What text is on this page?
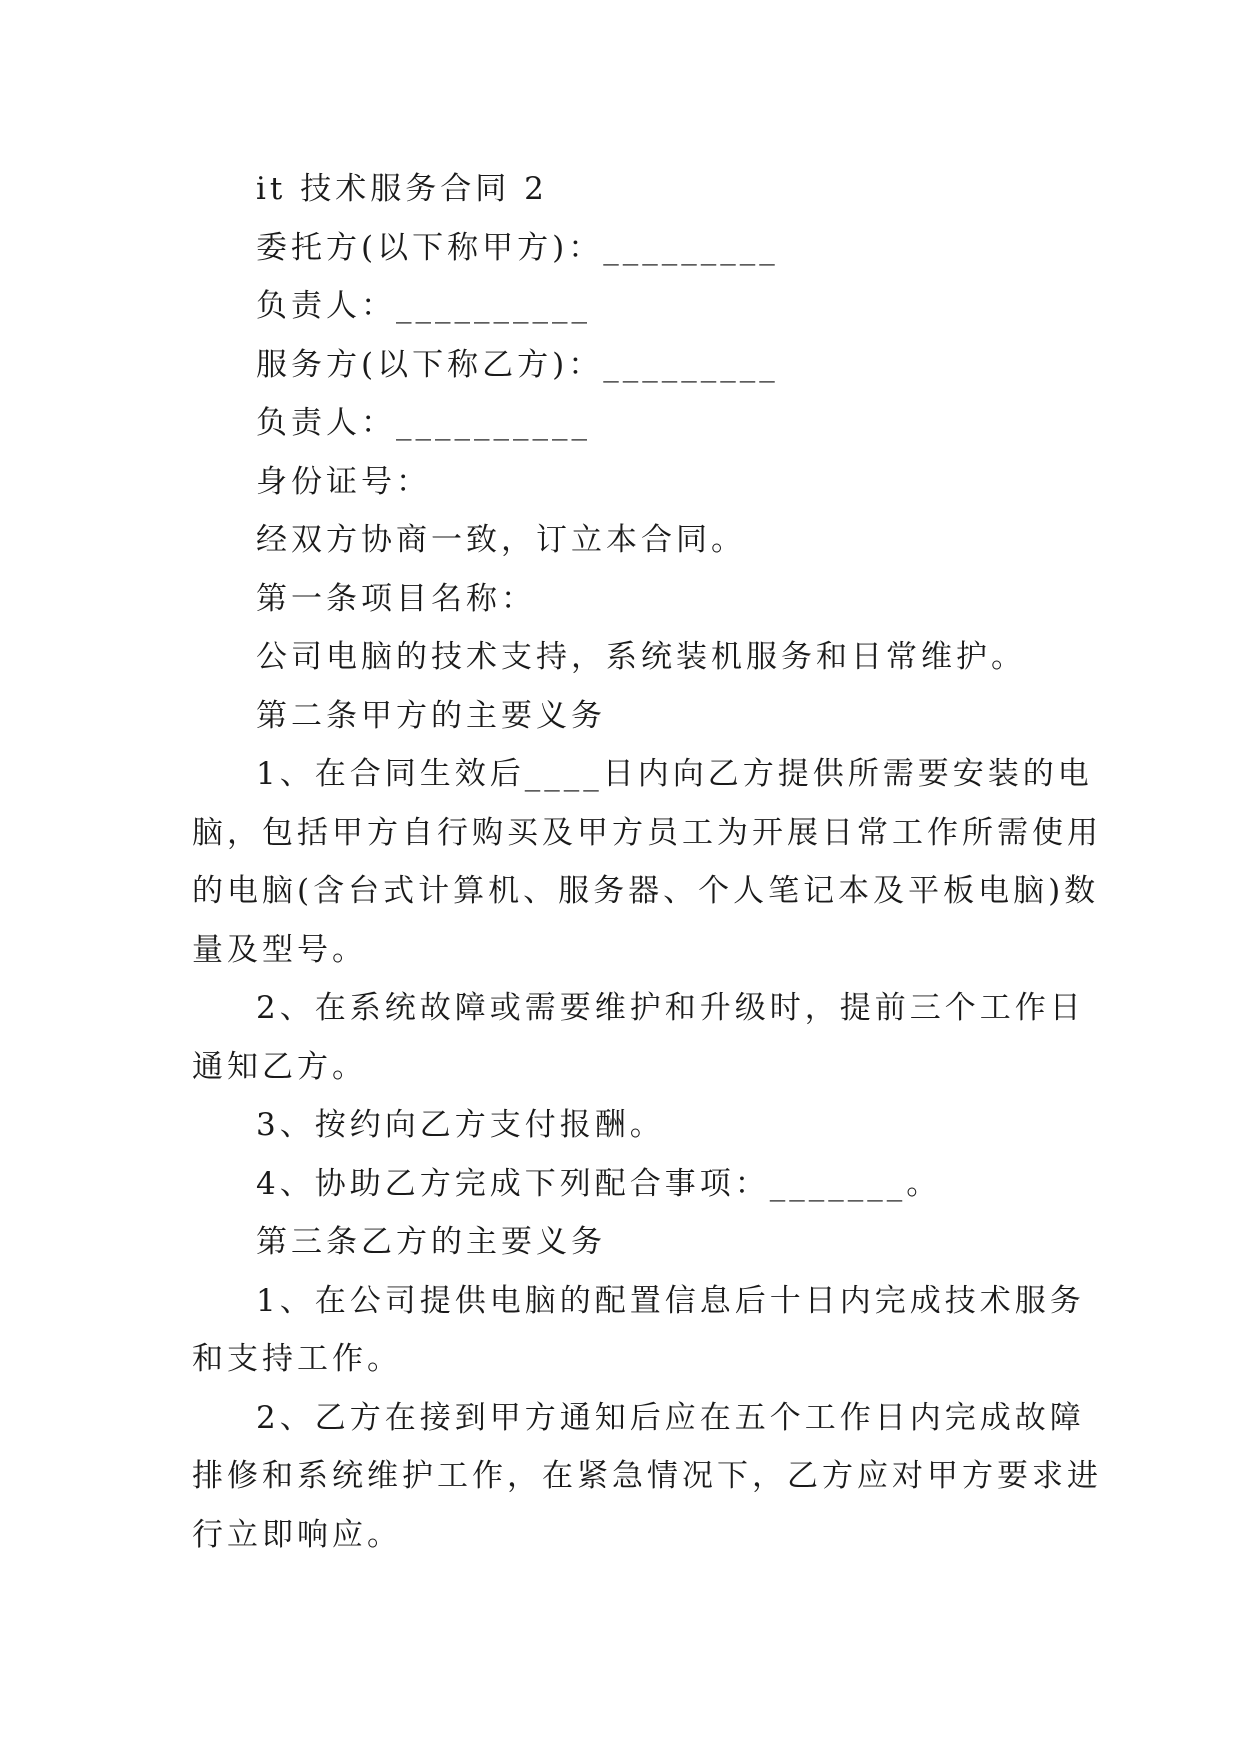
it 技术服务合同 2
委托方(以下称甲方)：_________
负责人：__________
服务方(以下称乙方)：_________
负责人：__________
身份证号：
经双方协商一致，订立本合同。
第一条项目名称：
公司电脑的技术支持，系统装机服务和日常维护。
第二条甲方的主要义务
1、在合同生效后____日内向乙方提供所需要安装的电
脑，包括甲方自行购买及甲方员工为开展日常工作所需使用
的电脑(含台式计算机、服务器、个人笔记本及平板电脑)数
量及型号。
2、在系统故障或需要维护和升级时，提前三个工作日
通知乙方。
3、按约向乙方支付报酬。
4、协助乙方完成下列配合事项：_______。
第三条乙方的主要义务
1、在公司提供电脑的配置信息后十日内完成技术服务
和支持工作。
2、乙方在接到甲方通知后应在五个工作日内完成故障
排修和系统维护工作，在紧急情况下，乙方应对甲方要求进
行立即响应。
